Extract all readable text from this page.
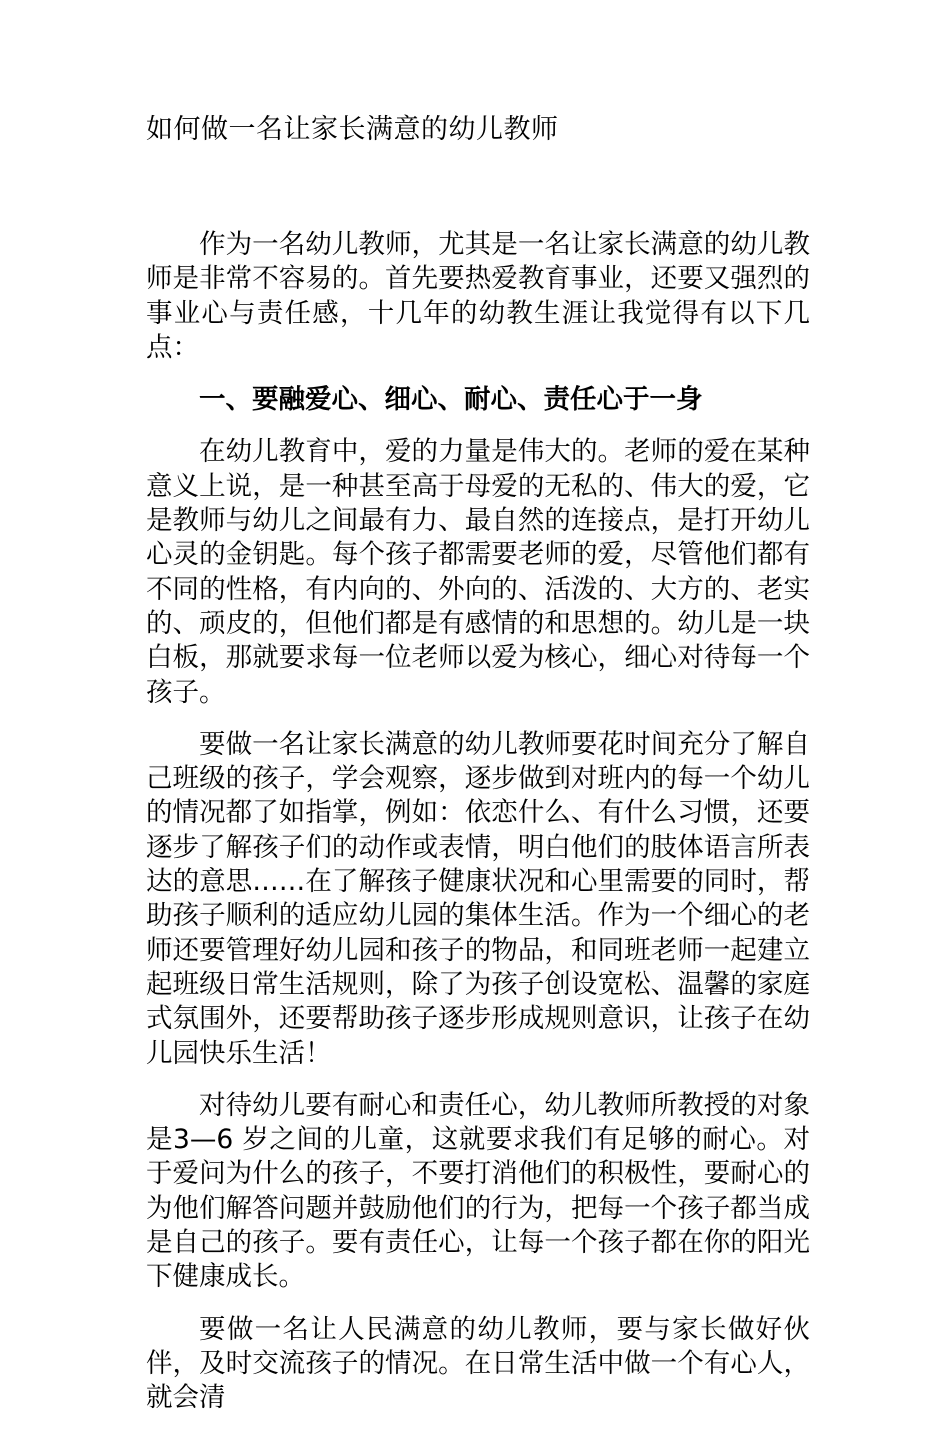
如何做一名让家长满意的幼儿教师

作为一名幼儿教师，尤其是一名让家长满意的幼儿教师是非常不容易的。首先要热爱教育事业，还要又强烈的事业心与责任感，十几年的幼教生涯让我觉得有以下几点：

一、要融爱心、细心、耐心、责任心于一身

在幼儿教育中，爱的力量是伟大的。老师的爱在某种意义上说，是一种甚至高于母爱的无私的、伟大的爱，它是教师与幼儿之间最有力、最自然的连接点，是打开幼儿心灵的金钥匙。每个孩子都需要老师的爱，尽管他们都有不同的性格，有内向的、外向的、活泼的、大方的、老实的、顽皮的，但他们都是有感情的和思想的。幼儿是一块白板，那就要求每一位老师以爱为核心，细心对待每一个孩子。

要做一名让家长满意的幼儿教师要花时间充分了解自己班级的孩子，学会观察，逐步做到对班内的每一个幼儿的情况都了如指掌，例如：依恋什么、有什么习惯，还要逐步了解孩子们的动作或表情，明白他们的肢体语言所表达的意思……在了解孩子健康状况和心里需要的同时，帮助孩子顺利的适应幼儿园的集体生活。作为一个细心的老师还要管理好幼儿园和孩子的物品，和同班老师一起建立起班级日常生活规则，除了为孩子创设宽松、温馨的家庭式氛围外，还要帮助孩子逐步形成规则意识，让孩子在幼儿园快乐生活！

对待幼儿要有耐心和责任心，幼儿教师所教授的对象是3—6 岁之间的儿童，这就要求我们有足够的耐心。对于爱问为什么的孩子，不要打消他们的积极性，要耐心的为他们解答问题并鼓励他们的行为，把每一个孩子都当成是自己的孩子。要有责任心，让每一个孩子都在你的阳光下健康成长。

要做一名让人民满意的幼儿教师，要与家长做好伙伴，及时交流孩子的情况。在日常生活中做一个有心人，就会清
